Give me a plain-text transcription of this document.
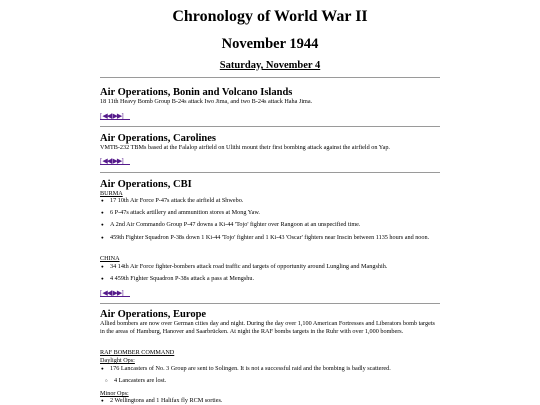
Chronology of World War II
November 1944
Saturday, November 4
Air Operations, Bonin and Volcano Islands
18 11th Heavy Bomb Group B-24s attack Iwo Jima, and two B-24s attack Haha Jima.
[◀◀|▶▶]
Air Operations, Carolines
VMTB-232 TBMs based at the Falalop airfield on Ulithi mount their first bombing attack against the airfield on Yap.
[◀◀|▶▶]
Air Operations, CBI
BURMA
● 17 10th Air Force P-47s attack the airfield at Shwebo.
● 6 P-47s attack artillery and ammunition stores at Mong Yaw.
● A 2nd Air Commando Group P-47 downs a Ki-44 'Tojo' fighter over Rangoon at an unspecified time.
● 459th Fighter Squadron P-38s down 1 Ki-44 'Tojo' fighter and 1 Ki-43 'Oscar' fighters near Inscin between 1135 hours and noon.
CHINA
● 34 14th Air Force fighter-bombers attack road traffic and targets of opportunity around Lungling and Mangshih.
● 4 459th Fighter Squadron P-38s attack a pass at Mengshu.
[◀◀|▶▶]
Air Operations, Europe
Allied bombers are now over German cities day and night. During the day over 1,100 American Fortresses and Liberators bomb targets in the areas of Hamburg, Hanover and Saarbrücken. At night the RAF bombs targets in the Ruhr with over 1,000 bombers.
RAF BOMBER COMMAND
Daylight Ops:
● 176 Lancasters of No. 3 Group are sent to Solingen. It is not a successful raid and the bombing is badly scattered.
○ 4 Lancasters are lost.
Minor Ops:
● 2 Wellingtons and 1 Halifax fly RCM sorties.
